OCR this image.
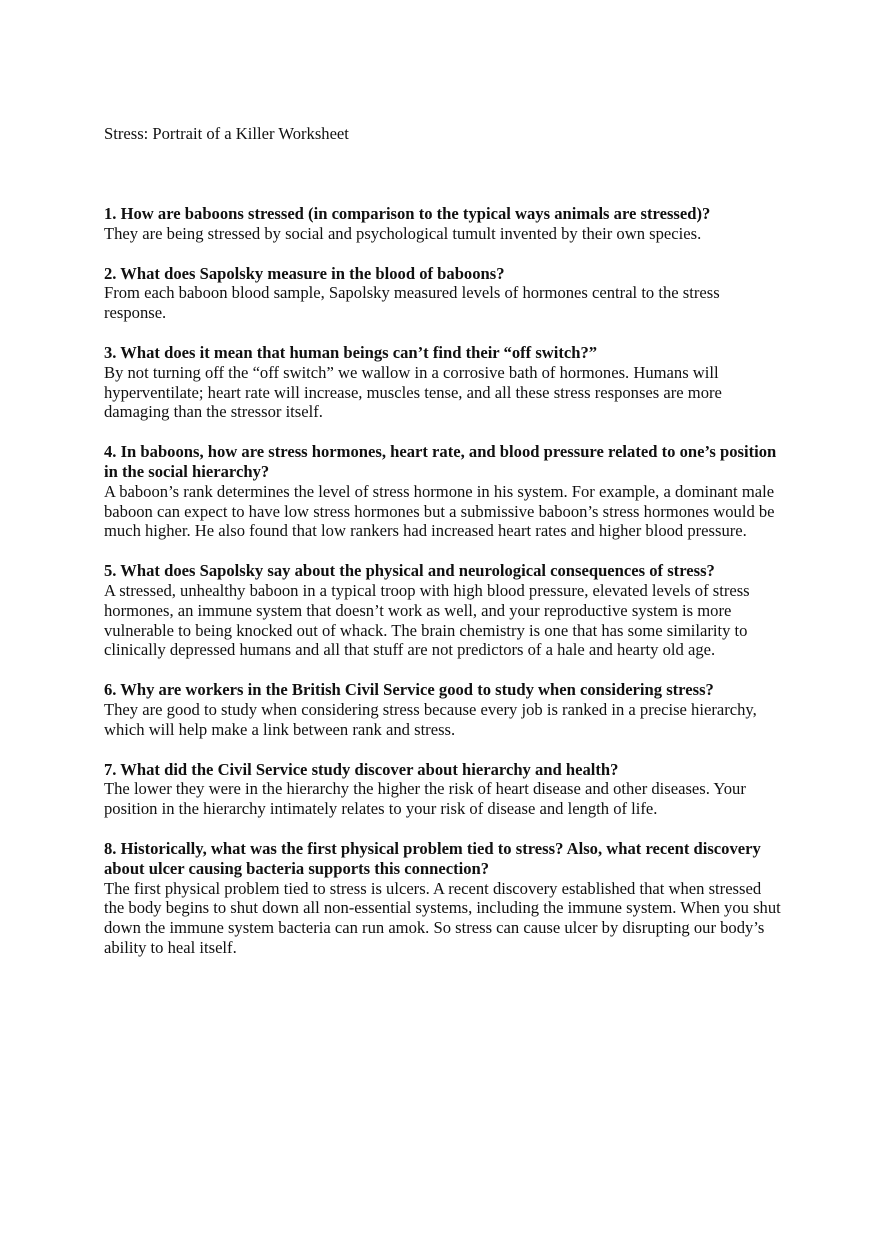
Stress: Portrait of a Killer Worksheet

1. How are baboons stressed (in comparison to the typical ways animals are stressed)?

They are being stressed by social and psychological tumult invented by their own species.

2. What does Sapolsky measure in the blood of baboons?

From each baboon blood sample, Sapolsky measured levels of hormones central to the stress response.

3. What does it mean that human beings can’t find their “off switch?”

By not turning off the “off switch” we wallow in a corrosive bath of hormones. Humans will hyperventilate; heart rate will increase, muscles tense, and all these stress responses are more damaging than the stressor itself.

4. In baboons, how are stress hormones, heart rate, and blood pressure related to one’s position in the social hierarchy?

A baboon’s rank determines the level of stress hormone in his system. For example, a dominant male baboon can expect to have low stress hormones but a submissive baboon’s stress hormones would be much higher. He also found that low rankers had increased heart rates and higher blood pressure.

5. What does Sapolsky say about the physical and neurological consequences of stress?

A stressed, unhealthy baboon in a typical troop with high blood pressure, elevated levels of stress hormones, an immune system that doesn’t work as well, and your reproductive system is more vulnerable to being knocked out of whack. The brain chemistry is one that has some similarity to clinically depressed humans and all that stuff are not predictors of a hale and hearty old age.

6. Why are workers in the British Civil Service good to study when considering stress?

They are good to study when considering stress because every job is ranked in a precise hierarchy, which will help make a link between rank and stress.

7. What did the Civil Service study discover about hierarchy and health?

The lower they were in the hierarchy the higher the risk of heart disease and other diseases. Your position in the hierarchy intimately relates to your risk of disease and length of life.

8. Historically, what was the first physical problem tied to stress? Also, what recent discovery about ulcer causing bacteria supports this connection?

The first physical problem tied to stress is ulcers. A recent discovery established that when stressed the body begins to shut down all non-essential systems, including the immune system. When you shut down the immune system bacteria can run amok. So stress can cause ulcer by disrupting our body’s ability to heal itself.
